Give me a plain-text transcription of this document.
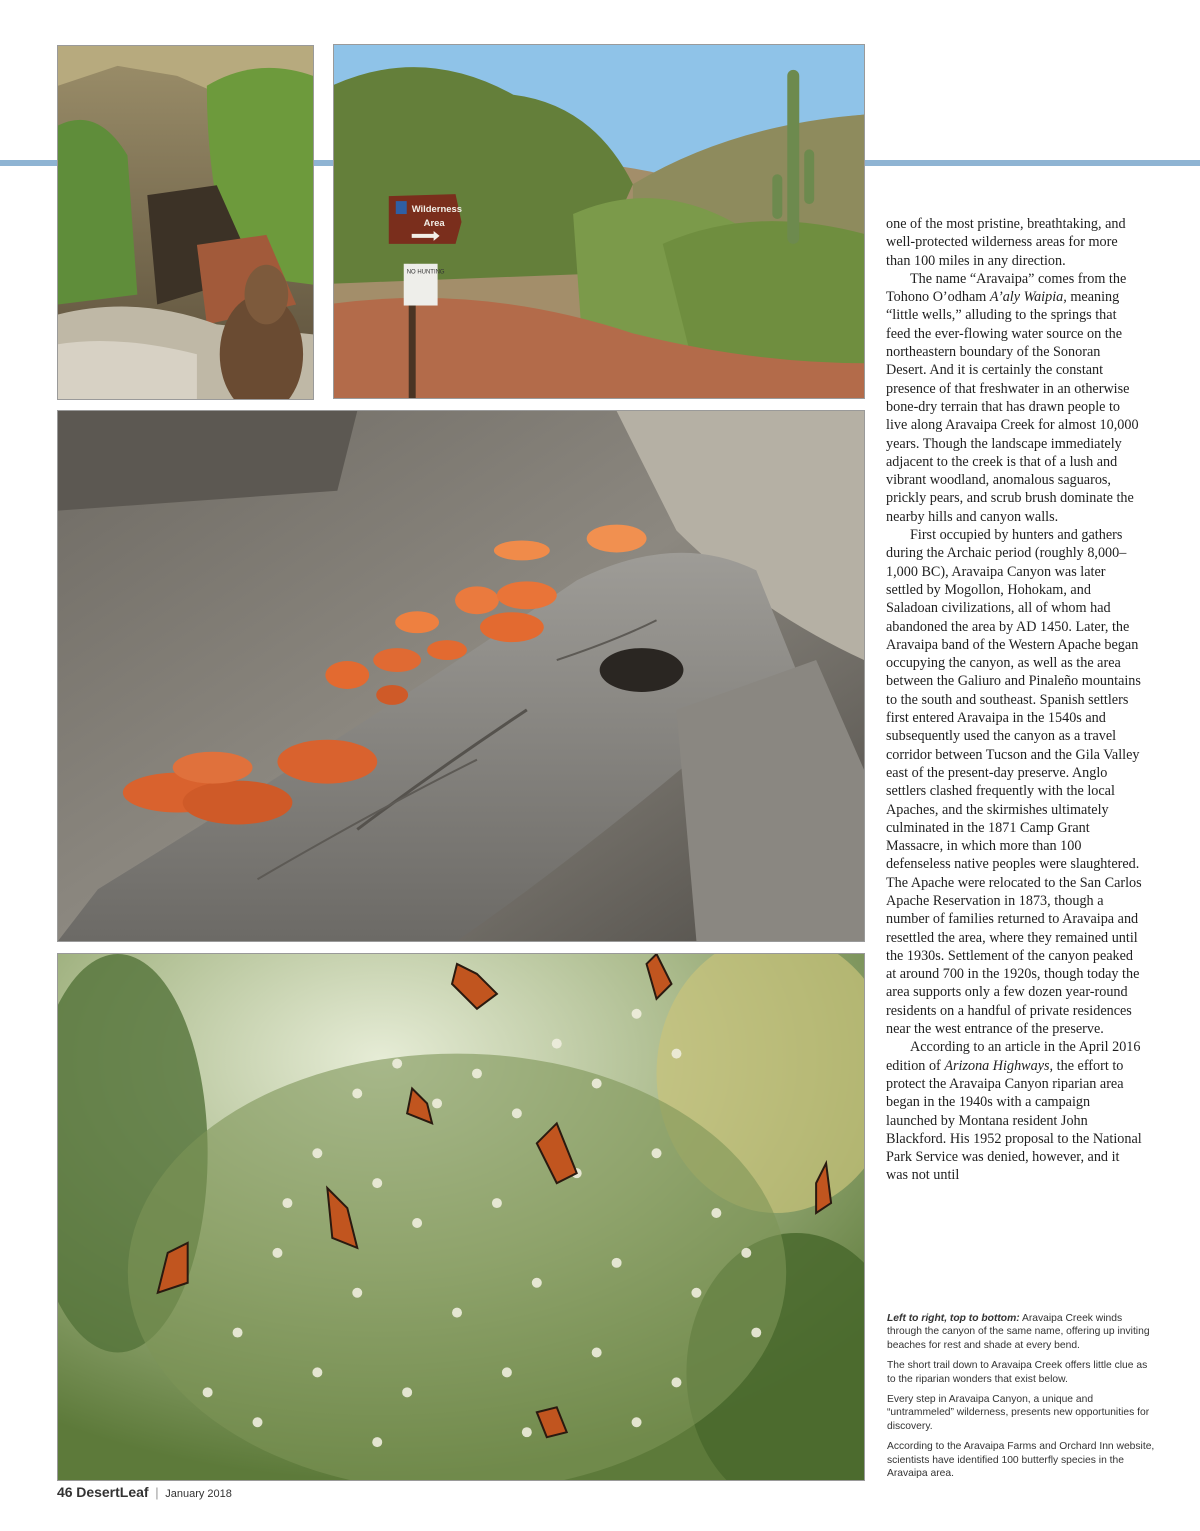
Wilderness
Area
NO HUNTING

one of the most pristine, breathtaking, and well-protected wilderness areas for more than 100 miles in any direction.

The name “Aravaipa” comes from the Tohono O’odham A’aly Waipia, meaning “little wells,” alluding to the springs that feed the ever-flowing water source on the northeastern boundary of the Sonoran Desert. And it is certainly the constant presence of that freshwater in an otherwise bone-dry terrain that has drawn people to live along Aravaipa Creek for almost 10,000 years. Though the landscape immediately adjacent to the creek is that of a lush and vibrant woodland, anomalous saguaros, prickly pears, and scrub brush dominate the nearby hills and canyon walls.

First occupied by hunters and gathers during the Archaic period (roughly 8,000–1,000 BC), Aravaipa Canyon was later settled by Mogollon, Hohokam, and Saladoan civilizations, all of whom had abandoned the area by AD 1450. Later, the Aravaipa band of the Western Apache began occupying the canyon, as well as the area between the Galiuro and Pinaleño mountains to the south and southeast. Spanish settlers first entered Aravaipa in the 1540s and subsequently used the canyon as a travel corridor between Tucson and the Gila Valley east of the present-day preserve. Anglo settlers clashed frequently with the local Apaches, and the skirmishes ultimately culminated in the 1871 Camp Grant Massacre, in which more than 100 defenseless native peoples were slaughtered. The Apache were relocated to the San Carlos Apache Reservation in 1873, though a number of families returned to Aravaipa and resettled the area, where they remained until the 1930s. Settlement of the canyon peaked at around 700 in the 1920s, though today the area supports only a few dozen year-round residents on a handful of private residences near the west entrance of the preserve.

According to an article in the April 2016 edition of Arizona Highways, the effort to protect the Aravaipa Canyon riparian area began in the 1940s with a campaign launched by Montana resident John Blackford. His 1952 proposal to the National Park Service was denied, however, and it was not until

Left to right, top to bottom: Aravaipa Creek winds through the canyon of the same name, offering up inviting beaches for rest and shade at every bend.

The short trail down to Aravaipa Creek offers little clue as to the riparian wonders that exist below.

Every step in Aravaipa Canyon, a unique and “untrammeled” wilderness, presents new opportunities for discovery.

According to the Aravaipa Farms and Orchard Inn website, scientists have identified 100 butterfly species in the Aravaipa area.

46 DesertLeaf | January 2018
